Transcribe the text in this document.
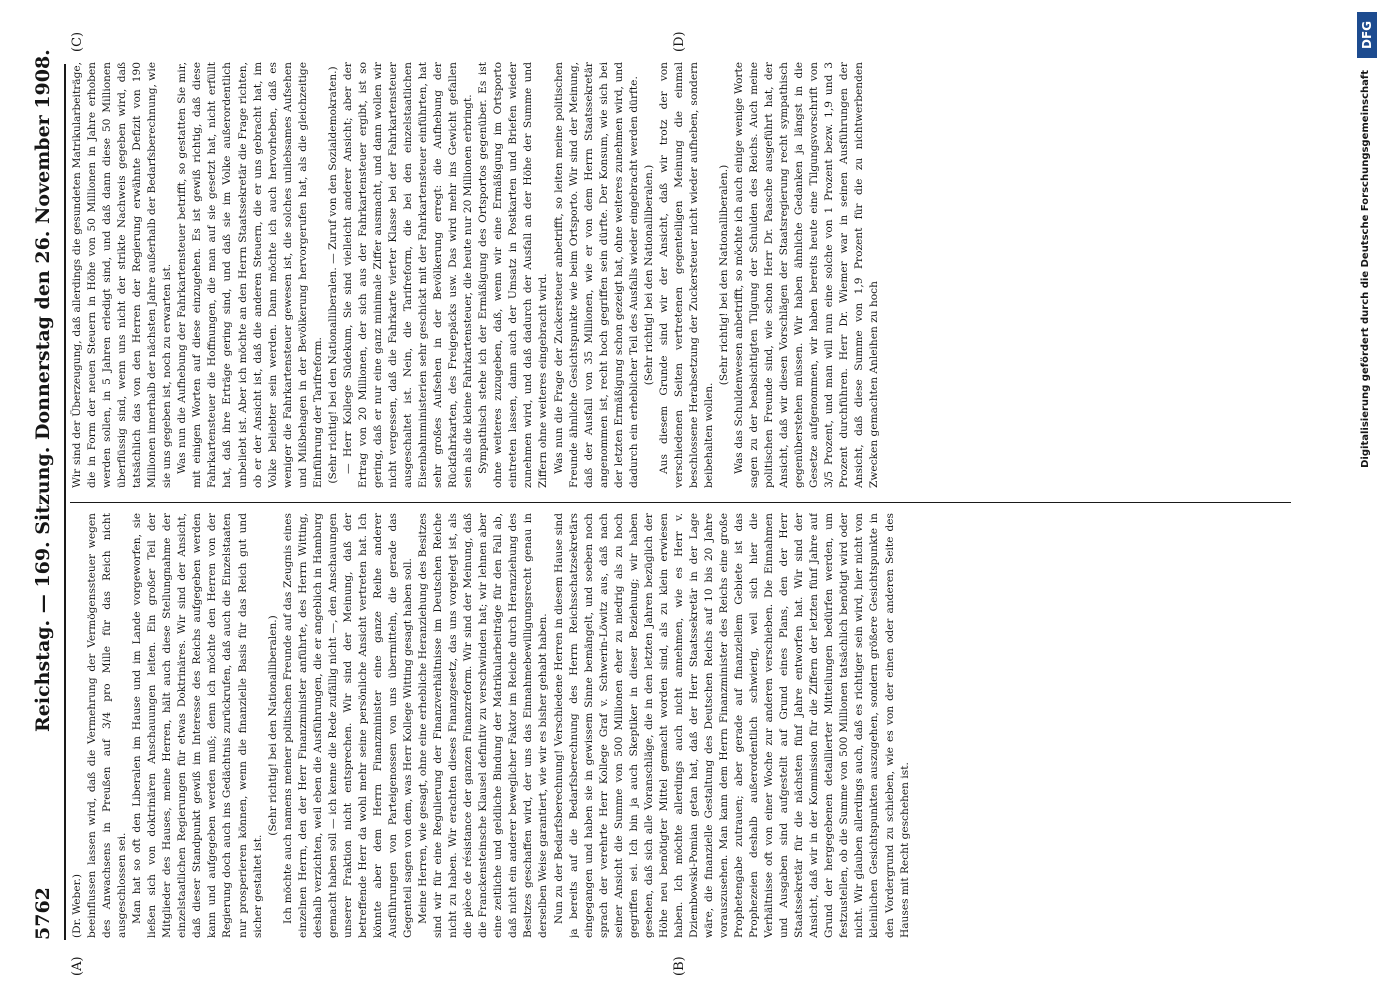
5762
Reichstag. — 169. Sitzung.
Donnerstag den 26. November 1908.
(A)	(B)
(C)	(D)

(Dr. Weber.) beeinflussen lassen wird, daß die Vermehrung der Vermögenssteuer wegen des Anwachsens in Preußen auf 3/4 pro Mille für das Reich nicht ausgeschlossen sei. Man hat so oft den Liberalen im Hause und im Lande vorgeworfen, sie ließen sich von doktrinären Anschauungen leiten. Ein großer Teil der Mitglieder des Hauses, meine Herren, hält auch diese Stellungnahme der einzelstaatlichen Regierungen für etwas Doktrinäres. Wir sind der Ansicht, daß dieser Standpunkt gewiß im Interesse des Reichs aufgegeben werden kann und aufgegeben werden muß; denn ich möchte den Herren von der Regierung doch auch ins Gedächtnis zurückrufen, daß auch die Einzelstaaten nur prosperieren können, wenn die finanzielle Basis für das Reich gut und sicher gestaltet ist.

(Sehr richtig! bei den Nationalliberalen.) Ich möchte auch namens meiner politischen Freunde auf das Zeugnis eines einzelnen Herrn, den der Herr Finanzminister anführte, des Herrn Witting, deshalb verzichten, weil eben die Ausführungen, die er angeblich in Hamburg gemacht haben soll — ich kenne die Rede zufällig nicht —, den Anschauungen unserer Fraktion nicht entsprechen. Wir sind der Meinung, daß der betreffende Herr da wohl mehr seine persönliche Ansicht vertreten hat. Ich könnte aber dem Herrn Finanzminister eine ganze Reihe anderer Ausführungen von Parteigenossen von uns übermitteln, die gerade das Gegenteil sagen von dem, was Herr Kollege Witting gesagt haben soll. Meine Herren, wie gesagt, ohne eine erhebliche Heranziehung des Besitzes sind wir für eine Regulierung der Finanzverhältnisse im Deutschen Reiche nicht zu haben. Wir erachten dieses Finanzgesetz, das uns vorgelegt ist, als die pièce de résistance der ganzen Finanzreform. Wir sind der Meinung, daß die Franckensteinsche Klausel definitiv zu verschwinden hat; wir lehnen aber eine zeitliche und geldliche Bindung der Matrikularbeiträge für den Fall ab, daß nicht ein anderer beweglicher Faktor im Reiche durch Heranziehung des Besitzes geschaffen wird, der uns das Einnahmebewilligungsrecht genau in derselben Weise garantiert, wie wir es bisher gehabt haben. Nun zu der Bedarfsberechnung! Verschiedene Herren in diesem Hause sind ja bereits auf die Bedarfsberechnung des Herrn Reichsschatzsekretärs eingegangen und haben sie in gewissem Sinne bemängelt, und soeben noch sprach der verehrte Herr Kollege Graf v. Schwerin-Löwitz aus, daß nach seiner Ansicht die Summe von 500 Millionen eher zu niedrig als zu hoch gegriffen sei. Ich bin ja auch Skeptiker in dieser Beziehung; wir haben gesehen, daß sich alle Voranschläge, die in den letzten Jahren bezüglich der Höhe neu benötigter Mittel gemacht worden sind, als zu klein erwiesen haben. Ich möchte allerdings auch nicht annehmen, wie es Herr v. Dziembowski-Pomian getan hat, daß der Herr Staatssekretär in der Lage wäre, die finanzielle Gestaltung des Deutschen Reichs auf 10 bis 20 Jahre vorauszusehen. Man kann dem Herrn Finanzminister des Reichs eine große Prophetengabe zutrauen; aber gerade auf finanziellem Gebiete ist das Prophezeien deshalb außerordentlich schwierig, weil sich hier die Verhältnisse oft von einer Woche zur anderen verschieben. Die Einnahmen und Ausgaben sind aufgestellt auf Grund eines Plans, den der Herr Staatssekretär für die nächsten fünf Jahre entworfen hat. Wir sind der Ansicht, daß wir in der Kommission für die Ziffern der letzten fünf Jahre auf Grund der hergegebenen detaillierter Mitteilungen bedürfen werden, um festzustellen, ob die Summe von 500 Millionen tatsächlich benötigt wird oder nicht. Wir glauben allerdings auch, daß es richtiger sein wird, hier nicht von kleinlichen Gesichtspunkten auszugehen, sondern größere Gesichtspunkte in den Vordergrund zu schieben, wie es von der einen oder anderen Seite des Hauses mit Recht geschehen ist.

Wir sind der Überzeugung, daß allerdings die gesundeten Matrikularbeiträge, die in Form der neuen Steuern in Höhe von 50 Millionen in Jahre erhoben werden sollen, in 5 Jahren erledigt sind, und daß dann diese 50 Millionen überflüssig sind, wenn uns nicht der strikte Nachweis gegeben wird, daß tatsächlich das von den Herren der Regierung erwähnte Defizit von 190 Millionen innerhalb der nächsten Jahre außerhalb der Bedarfsberechnung, wie sie uns gegeben ist, noch zu erwarten ist. Was nun die Aufhebung der Fahrkartensteuer betrifft, so gestatten Sie mir, mit einigen Worten auf diese einzugehen. Es ist gewiß richtig, daß diese Fahrkartensteuer die Hoffnungen, die man auf sie gesetzt hat, nicht erfüllt hat, daß ihre Erträge gering sind, und daß sie im Volke außerordentlich unbeliebt ist. Aber ich möchte an den Herrn Staatssekretär die Frage richten, ob er der Ansicht ist, daß die anderen Steuern, die er uns gebracht hat, im Volke beliebter sein werden. Dann möchte ich auch hervorheben, daß es weniger die Fahrkartensteuer gewesen ist, die solches unliebsames Aufsehen und Mißbehagen in der Bevölkerung hervorgerufen hat, als die gleichzeitige Einführung der Tarifreform. (Sehr richtig! bei den Nationalliberalen. — Zuruf von den Sozialdemokraten.) — Herr Kollege Südekum, Sie sind vielleicht anderer Ansicht; aber der Ertrag von 20 Millionen, der sich aus der Fahrkartensteuer ergibt, ist so gering, daß er nur eine ganz minimale Ziffer ausmacht, und dann wollen wir nicht vergessen, daß die Fahrkarte vierter Klasse bei der Fahrkartensteuer ausgeschaltet ist. Nein, die Tarifreform, die bei den einzelstaatlichen Eisenbahnministerien sehr geschickt mit der Fahrkartensteuer einführten, hat sehr großes Aufsehen in der Bevölkerung erregt: die Aufhebung der Rückfahrkarten, des Freigepäcks usw. Das wird mehr ins Gewicht gefallen sein als die kleine Fahrkartensteuer, die heute nur 20 Millionen erbringt. Sympathisch stehe ich der Ermäßigung des Ortsportos gegenüber. Es ist ohne weiteres zuzugeben, daß, wenn wir eine Ermäßigung im Ortsporto eintreten lassen, dann auch der Umsatz in Postkarten und Briefen wieder zunehmen wird, und daß dadurch der Ausfall an der Höhe der Summe und Ziffern ohne weiteres eingebracht wird. Was nun die Frage der Zuckersteuer anbetrifft, so leiten meine politischen Freunde ähnliche Gesichtspunkte wie beim Ortsporto. Wir sind der Meinung, daß der Ausfall von 35 Millionen, wie er von dem Herrn Staatssekretär angenommen ist, recht hoch gegriffen sein dürfte. Der Konsum, wie sich bei der letzten Ermäßigung schon gezeigt hat, ohne weiteres zunehmen wird, und dadurch ein erheblicher Teil des Ausfalls wieder eingebracht werden dürfte. (Sehr richtig! bei den Nationalliberalen.) Aus diesem Grunde sind wir der Ansicht, daß wir trotz der von verschiedenen Seiten vertretenen gegenteiligen Meinung die einmal beschlossene Herabsetzung der Zuckersteuer nicht wieder aufheben, sondern beibehalten wollen.

(Sehr richtig! bei den Nationalliberalen.) Was das Schuldenwesen anbetrifft, so möchte ich auch einige wenige Worte sagen zu der beabsichtigten Tilgung der Schulden des Reichs. Auch meine politischen Freunde sind, wie schon Herr Dr. Paasche ausgeführt hat, der Ansicht, daß wir diesen Vorschlägen der Staatsregierung recht sympathisch gegenüberstehen müssen. Wir haben ähnliche Gedanken ja längst in die Gesetze aufgenommen, wir haben bereits heute eine Tilgungsvorschrift von 3/5 Prozent, und man will nun eine solche von 1 Prozent bezw. 1,9 und 3 Prozent durchführen. Herr Dr. Wiemer war in seinen Ausführungen der Ansicht, daß diese Summe von 1,9 Prozent für die zu nichtwerbenden Zwecken gemachten Anleihen zu hoch	Digitalisierung gefördert durch die Deutsche Forschungsgemeinschaft
DFG
